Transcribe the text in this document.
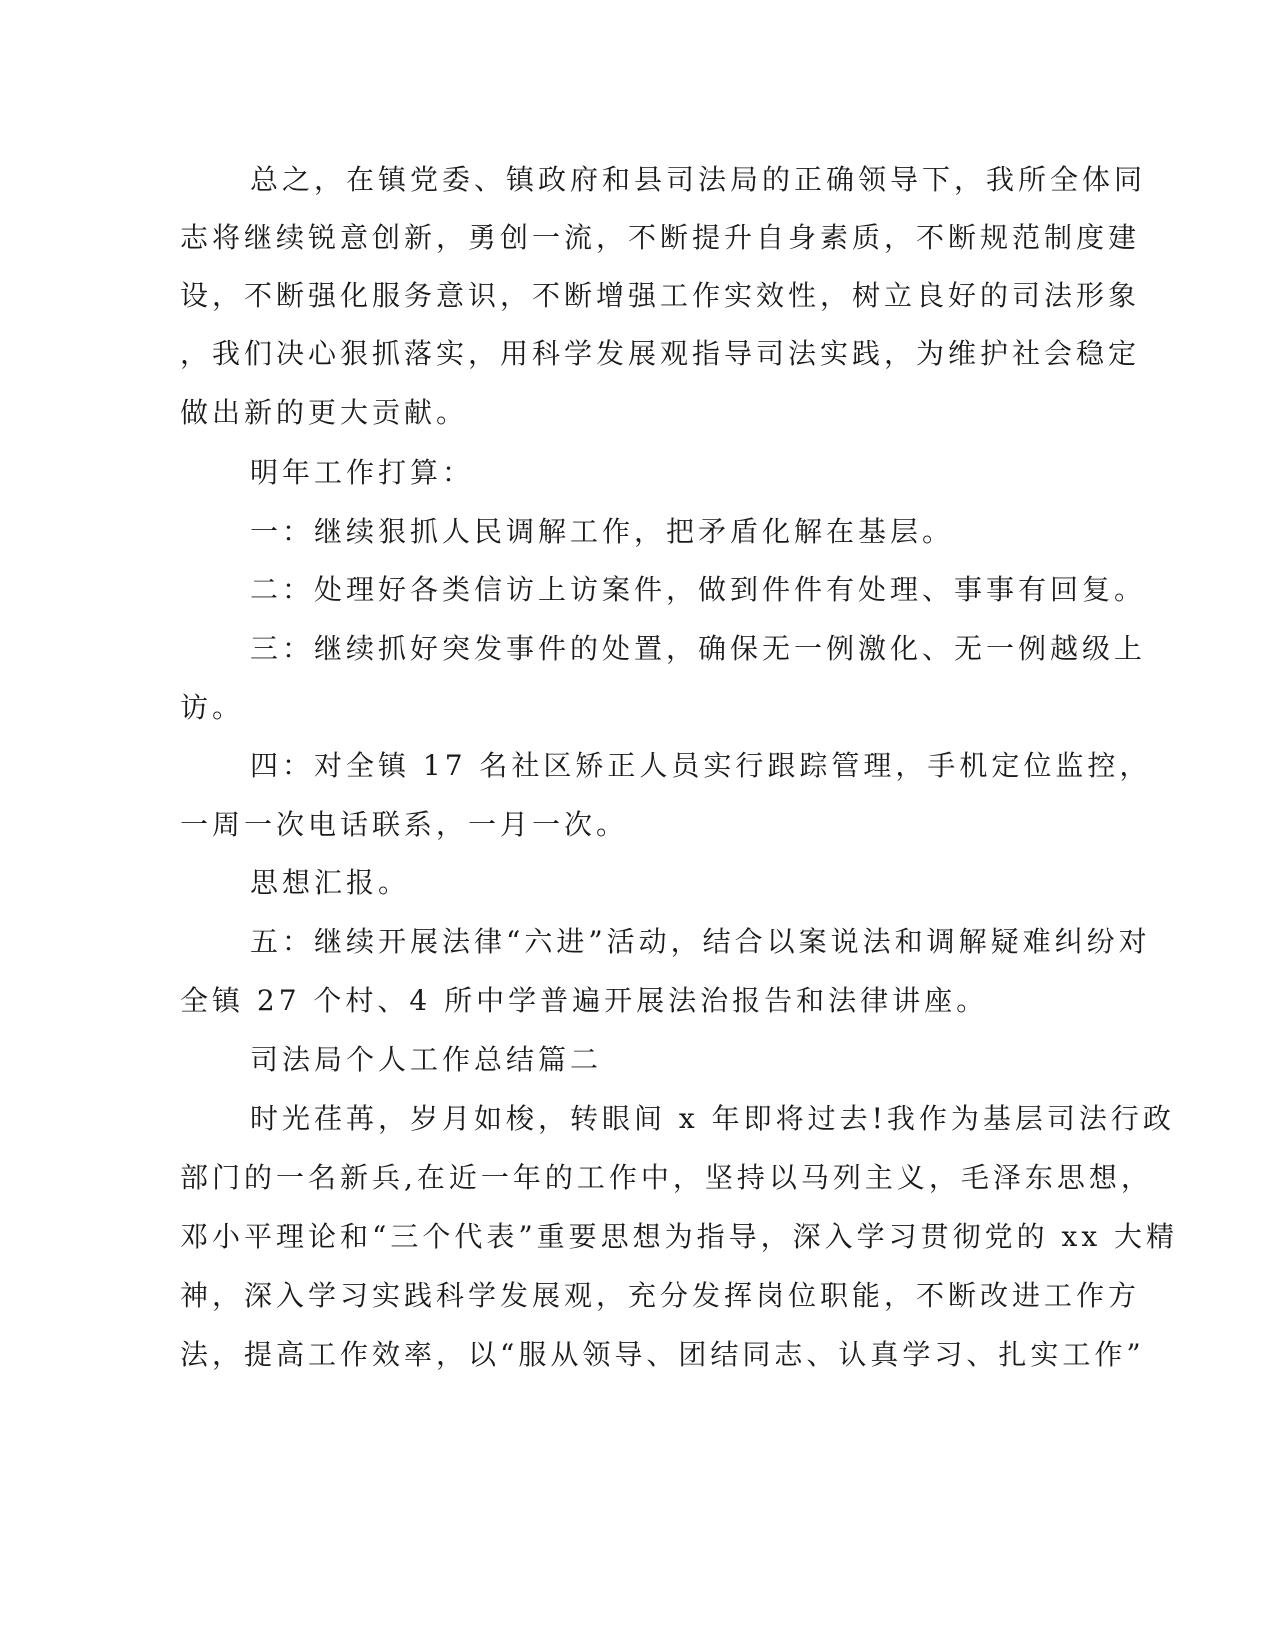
总之，在镇党委、镇政府和县司法局的正确领导下，我所全体同
志将继续锐意创新，勇创一流，不断提升自身素质，不断规范制度建
设，不断强化服务意识，不断增强工作实效性，树立良好的司法形象
，我们决心狠抓落实，用科学发展观指导司法实践，为维护社会稳定
做出新的更大贡献。
明年工作打算：
一：继续狠抓人民调解工作，把矛盾化解在基层。
二：处理好各类信访上访案件，做到件件有处理、事事有回复。
三：继续抓好突发事件的处置，确保无一例激化、无一例越级上
访。
四：对全镇 17 名社区矫正人员实行跟踪管理，手机定位监控，
一周一次电话联系，一月一次。
思想汇报。
五：继续开展法律“六进”活动，结合以案说法和调解疑难纠纷对
全镇 27 个村、4 所中学普遍开展法治报告和法律讲座。
司法局个人工作总结篇二
时光荏苒，岁月如梭，转眼间 x 年即将过去!我作为基层司法行政
部门的一名新兵,在近一年的工作中，坚持以马列主义，毛泽东思想，
邓小平理论和“三个代表”重要思想为指导，深入学习贯彻党的 xx 大精
神，深入学习实践科学发展观，充分发挥岗位职能，不断改进工作方
法，提高工作效率，以“服从领导、团结同志、认真学习、扎实工作”
